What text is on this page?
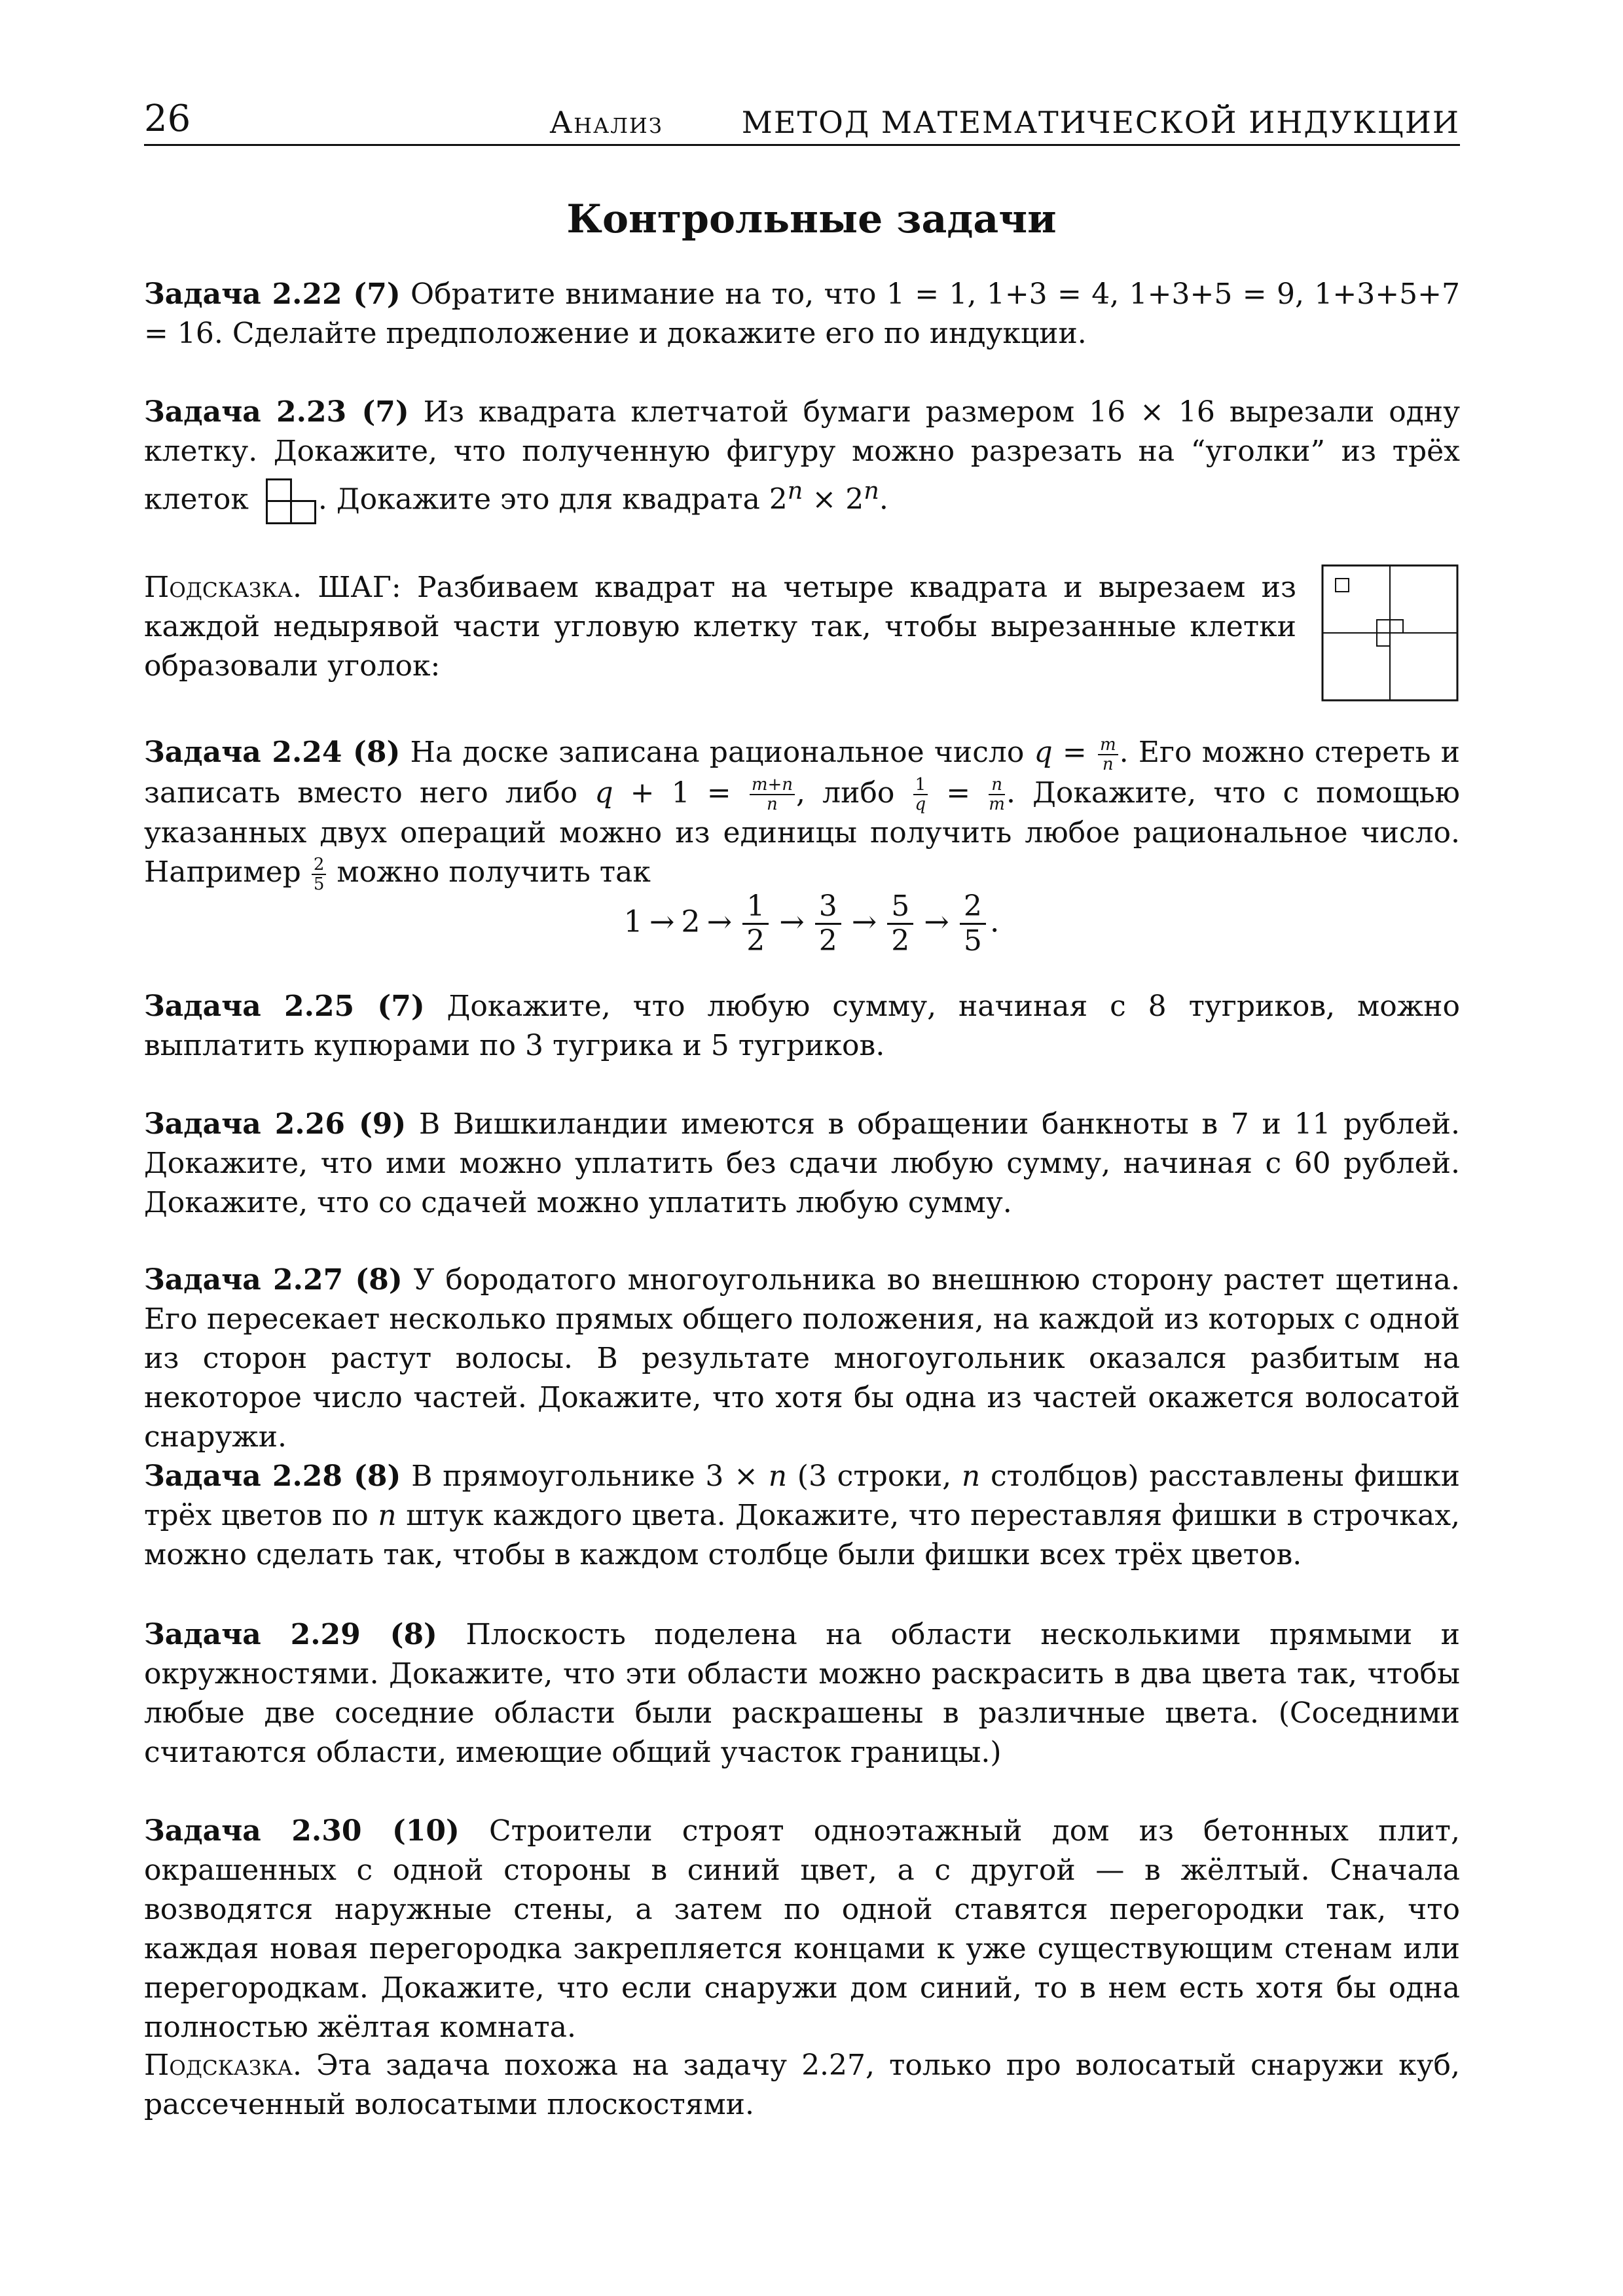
26	Анализ	МЕТОД МАТЕМАТИЧЕСКОЙ ИНДУКЦИИ
Контрольные задачи
Задача 2.22 (7) Обратите внимание на то, что 1 = 1, 1+3 = 4, 1+3+5 = 9, 1+3+5+7 = 16. Сделайте предположение и докажите его по индукции.
Задача 2.23 (7) Из квадрата клетчатой бумаги размером 16 × 16 вырезали одну клетку. Докажите, что полученную фигуру можно разрезать на “уголки” из трёх клеток . Докажите это для квадрата $2^n \times 2^n$.
Подсказка. ШАГ: Разбиваем квадрат на четыре квадрата и вырезаем из каждой недырявой части угловую клетку так, чтобы вырезанные клетки образовали уголок:
Задача 2.24 (8) На доске записана рациональное число $q = \frac{m}{n}$ . Его можно стереть и записать вместо него либо $q + 1 = \frac{m+n}{n}$ , либо $\frac{1}{q} = \frac{n}{m}$ . Докажите, что с помощью указанных двух операций можно из единицы получить любое рациональное число. Например $\frac{2}{5}$ можно получить так
$1 \to 2 \to \frac{1}{2} \to \frac{3}{2} \to \frac{5}{2} \to \frac{2}{5}$ .
Задача 2.25 (7) Докажите, что любую сумму, начиная с 8 тугриков, можно выплатить купюрами по 3 тугрика и 5 тугриков.
Задача 2.26 (9) В Вишкиландии имеются в обращении банкноты в 7 и 11 рублей. Докажите, что ими можно уплатить без сдачи любую сумму, начиная с 60 рублей. Докажите, что со сдачей можно уплатить любую сумму.
Задача 2.27 (8) У бородатого многоугольника во внешнюю сторону растет щетина. Его пересекает несколько прямых общего положения, на каждой из которых с одной из сторон растут волосы. В результате многоугольник оказался разбитым на некоторое число частей. Докажите, что хотя бы одна из частей окажется волосатой снаружи.
Задача 2.28 (8) В прямоугольнике 3 × n (3 строки, n столбцов) расставлены фишки трёх цветов по n штук каждого цвета. Докажите, что переставляя фишки в строчках, можно сделать так, чтобы в каждом столбце были фишки всех трёх цветов.
Задача 2.29 (8) Плоскость поделена на области несколькими прямыми и окружностями. Докажите, что эти области можно раскрасить в два цвета так, чтобы любые две соседние области были раскрашены в различные цвета. (Соседними считаются области, имеющие общий участок границы.)
Задача 2.30 (10) Строители строят одноэтажный дом из бетонных плит, окрашенных с одной стороны в синий цвет, а с другой — в жёлтый. Сначала возводятся наружные стены, а затем по одной ставятся перегородки так, что каждая новая перегородка закрепляется концами к уже существующим стенам или перегородкам. Докажите, что если снаружи дом синий, то в нем есть хотя бы одна полностью жёлтая комната.
Подсказка. Эта задача похожа на задачу 2.27, только про волосатый снаружи куб, рассеченный волосатыми плоскостями.
